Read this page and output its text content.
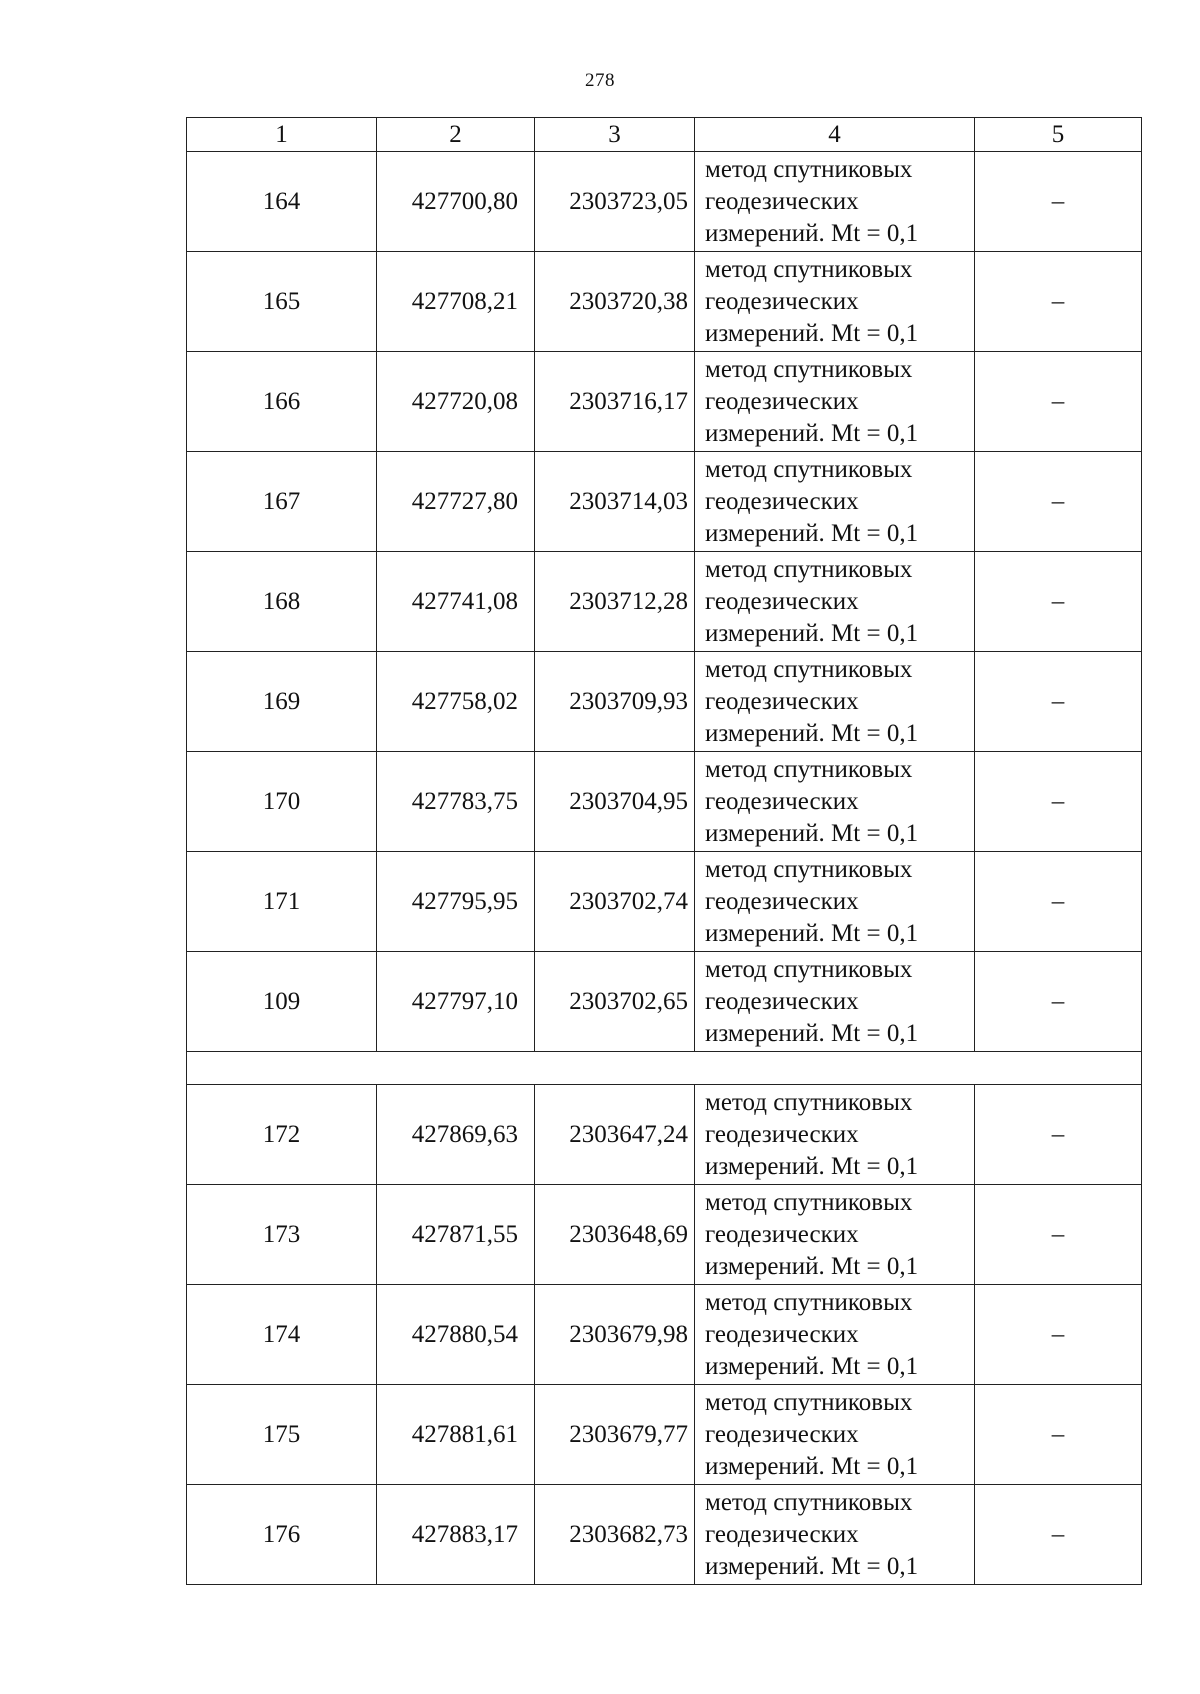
278
1	2	3	4	5
164	427700,80	2303723,05	метод спутниковых
геодезических
измерений. Mt = 0,1	–
165	427708,21	2303720,38	метод спутниковых
геодезических
измерений. Mt = 0,1	–
166	427720,08	2303716,17	метод спутниковых
геодезических
измерений. Mt = 0,1	–
167	427727,80	2303714,03	метод спутниковых
геодезических
измерений. Mt = 0,1	–
168	427741,08	2303712,28	метод спутниковых
геодезических
измерений. Mt = 0,1	–
169	427758,02	2303709,93	метод спутниковых
геодезических
измерений. Mt = 0,1	–
170	427783,75	2303704,95	метод спутниковых
геодезических
измерений. Mt = 0,1	–
171	427795,95	2303702,74	метод спутниковых
геодезических
измерений. Mt = 0,1	–
109	427797,10	2303702,65	метод спутниковых
геодезических
измерений. Mt = 0,1	–

172	427869,63	2303647,24	метод спутниковых
геодезических
измерений. Mt = 0,1	–
173	427871,55	2303648,69	метод спутниковых
геодезических
измерений. Mt = 0,1	–
174	427880,54	2303679,98	метод спутниковых
геодезических
измерений. Mt = 0,1	–
175	427881,61	2303679,77	метод спутниковых
геодезических
измерений. Mt = 0,1	–
176	427883,17	2303682,73	метод спутниковых
геодезических
измерений. Mt = 0,1	–
